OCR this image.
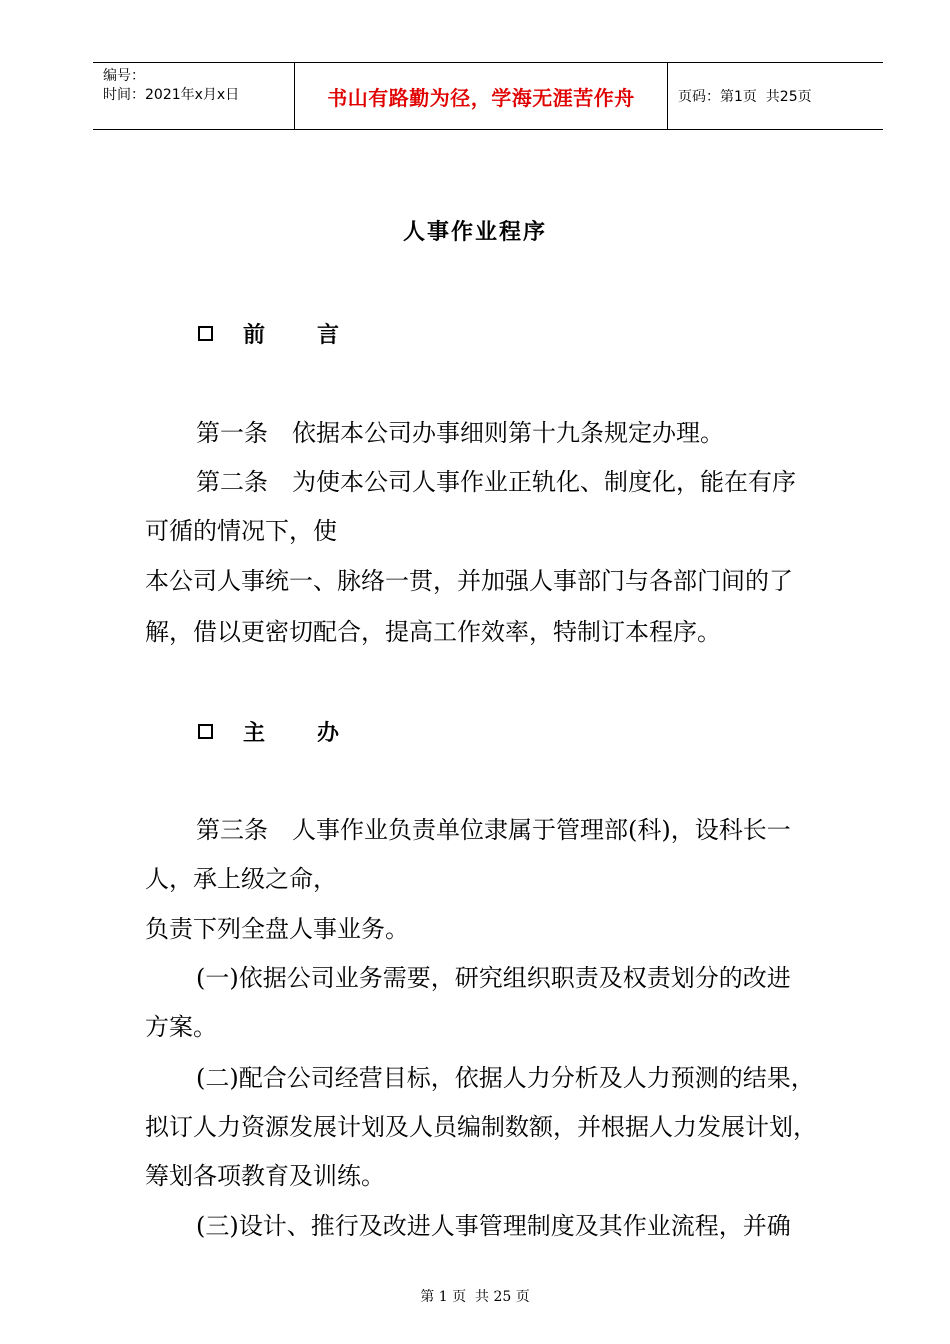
编号：
时间：2021年x月x日	书山有路勤为径，学海无涯苦作舟	页码：第1页  共25页
人事作业程序
前言
第一条　依据本公司办事细则第十九条规定办理。
第二条　为使本公司人事作业正轨化、制度化，能在有序
可循的情况下，使
本公司人事统一、脉络一贯，并加强人事部门与各部门间的了
解，借以更密切配合，提高工作效率，特制订本程序。
主办
第三条　人事作业负责单位隶属于管理部(科)，设科长一
人，承上级之命，
负责下列全盘人事业务。
(一)依据公司业务需要，研究组织职责及权责划分的改进
方案。
(二)配合公司经营目标，依据人力分析及人力预测的结果，
拟订人力资源发展计划及人员编制数额，并根据人力发展计划，
筹划各项教育及训练。
(三)设计、推行及改进人事管理制度及其作业流程，并确
第 1 页  共 25 页
